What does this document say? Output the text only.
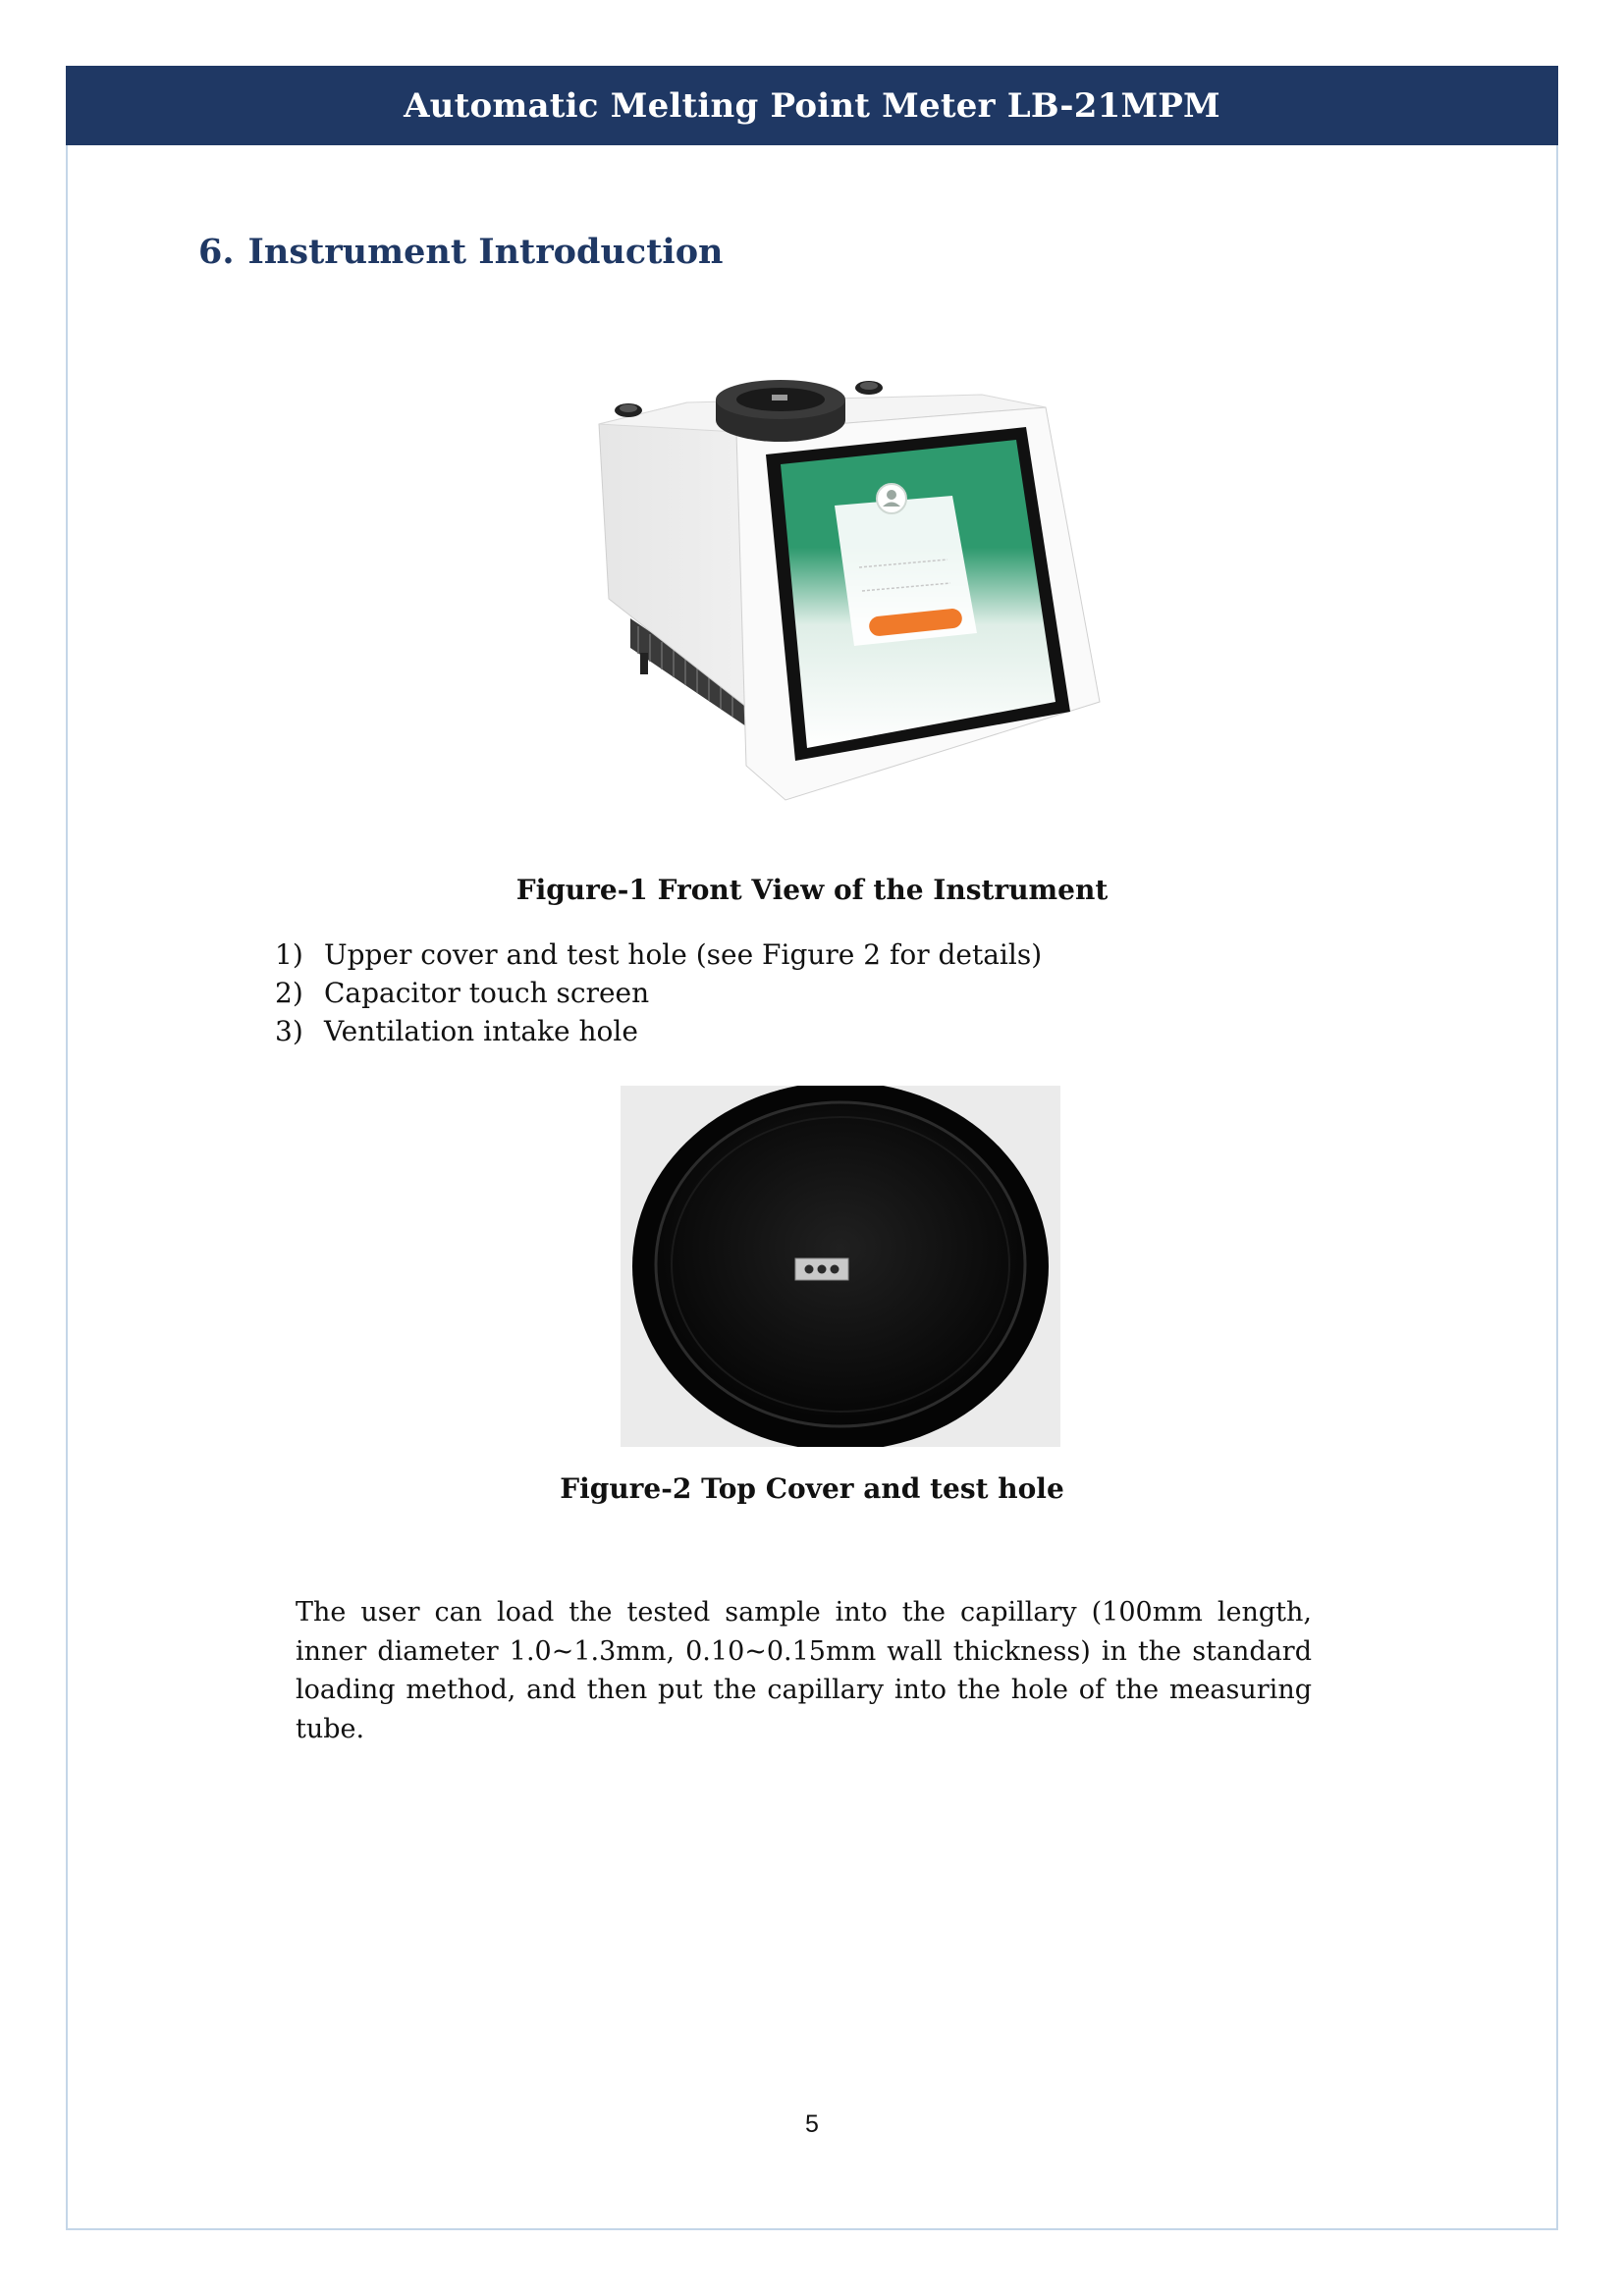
Automatic Melting Point Meter LB-21MPM
6. Instrument Introduction
Figure-1 Front View of the Instrument
1) Upper cover and test hole (see Figure 2 for details)
2) Capacitor touch screen
3) Ventilation intake hole
Figure-2 Top Cover and test hole

The user can load the tested sample into the capillary (100mm length, inner diameter 1.0~1.3mm, 0.10~0.15mm wall thickness) in the standard loading method, and then put the capillary into the hole of the measuring tube.

5
